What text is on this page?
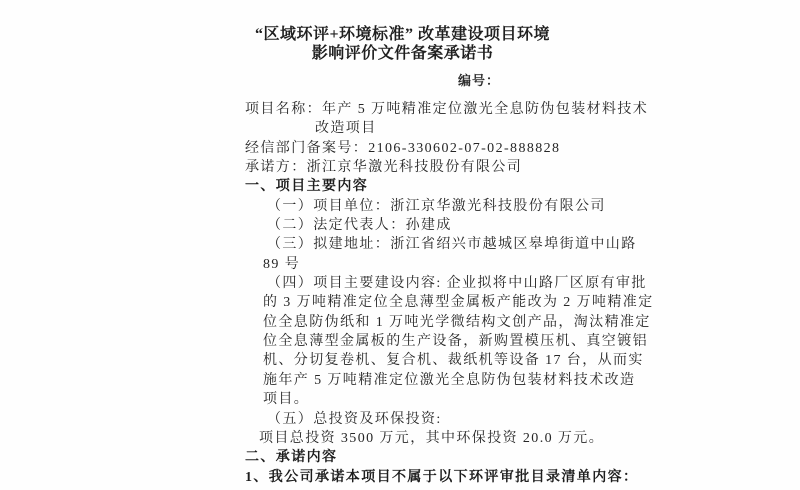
“区域环评+环境标准” 改革建设项目环境
影响评价文件备案承诺书
编号：
项目名称：年产 5 万吨精准定位激光全息防伪包装材料技术
改造项目
经信部门备案号：2106-330602-07-02-888828
承诺方：浙江京华激光科技股份有限公司
一、项目主要内容
（一）项目单位：浙江京华激光科技股份有限公司
（二）法定代表人：孙建成
（三）拟建地址：浙江省绍兴市越城区皋埠街道中山路
89 号
（四）项目主要建设内容: 企业拟将中山路厂区原有审批
的 3 万吨精准定位全息薄型金属板产能改为 2 万吨精准定
位全息防伪纸和 1 万吨光学微结构文创产品，淘汰精准定
位全息薄型金属板的生产设备，新购置模压机、真空镀铝
机、分切复卷机、复合机、裁纸机等设备 17 台，从而实
施年产 5 万吨精准定位激光全息防伪包装材料技术改造
项目。
（五）总投资及环保投资:
项目总投资 3500 万元，其中环保投资 20.0 万元。
二、承诺内容
1、我公司承诺本项目不属于以下环评审批目录清单内容：
